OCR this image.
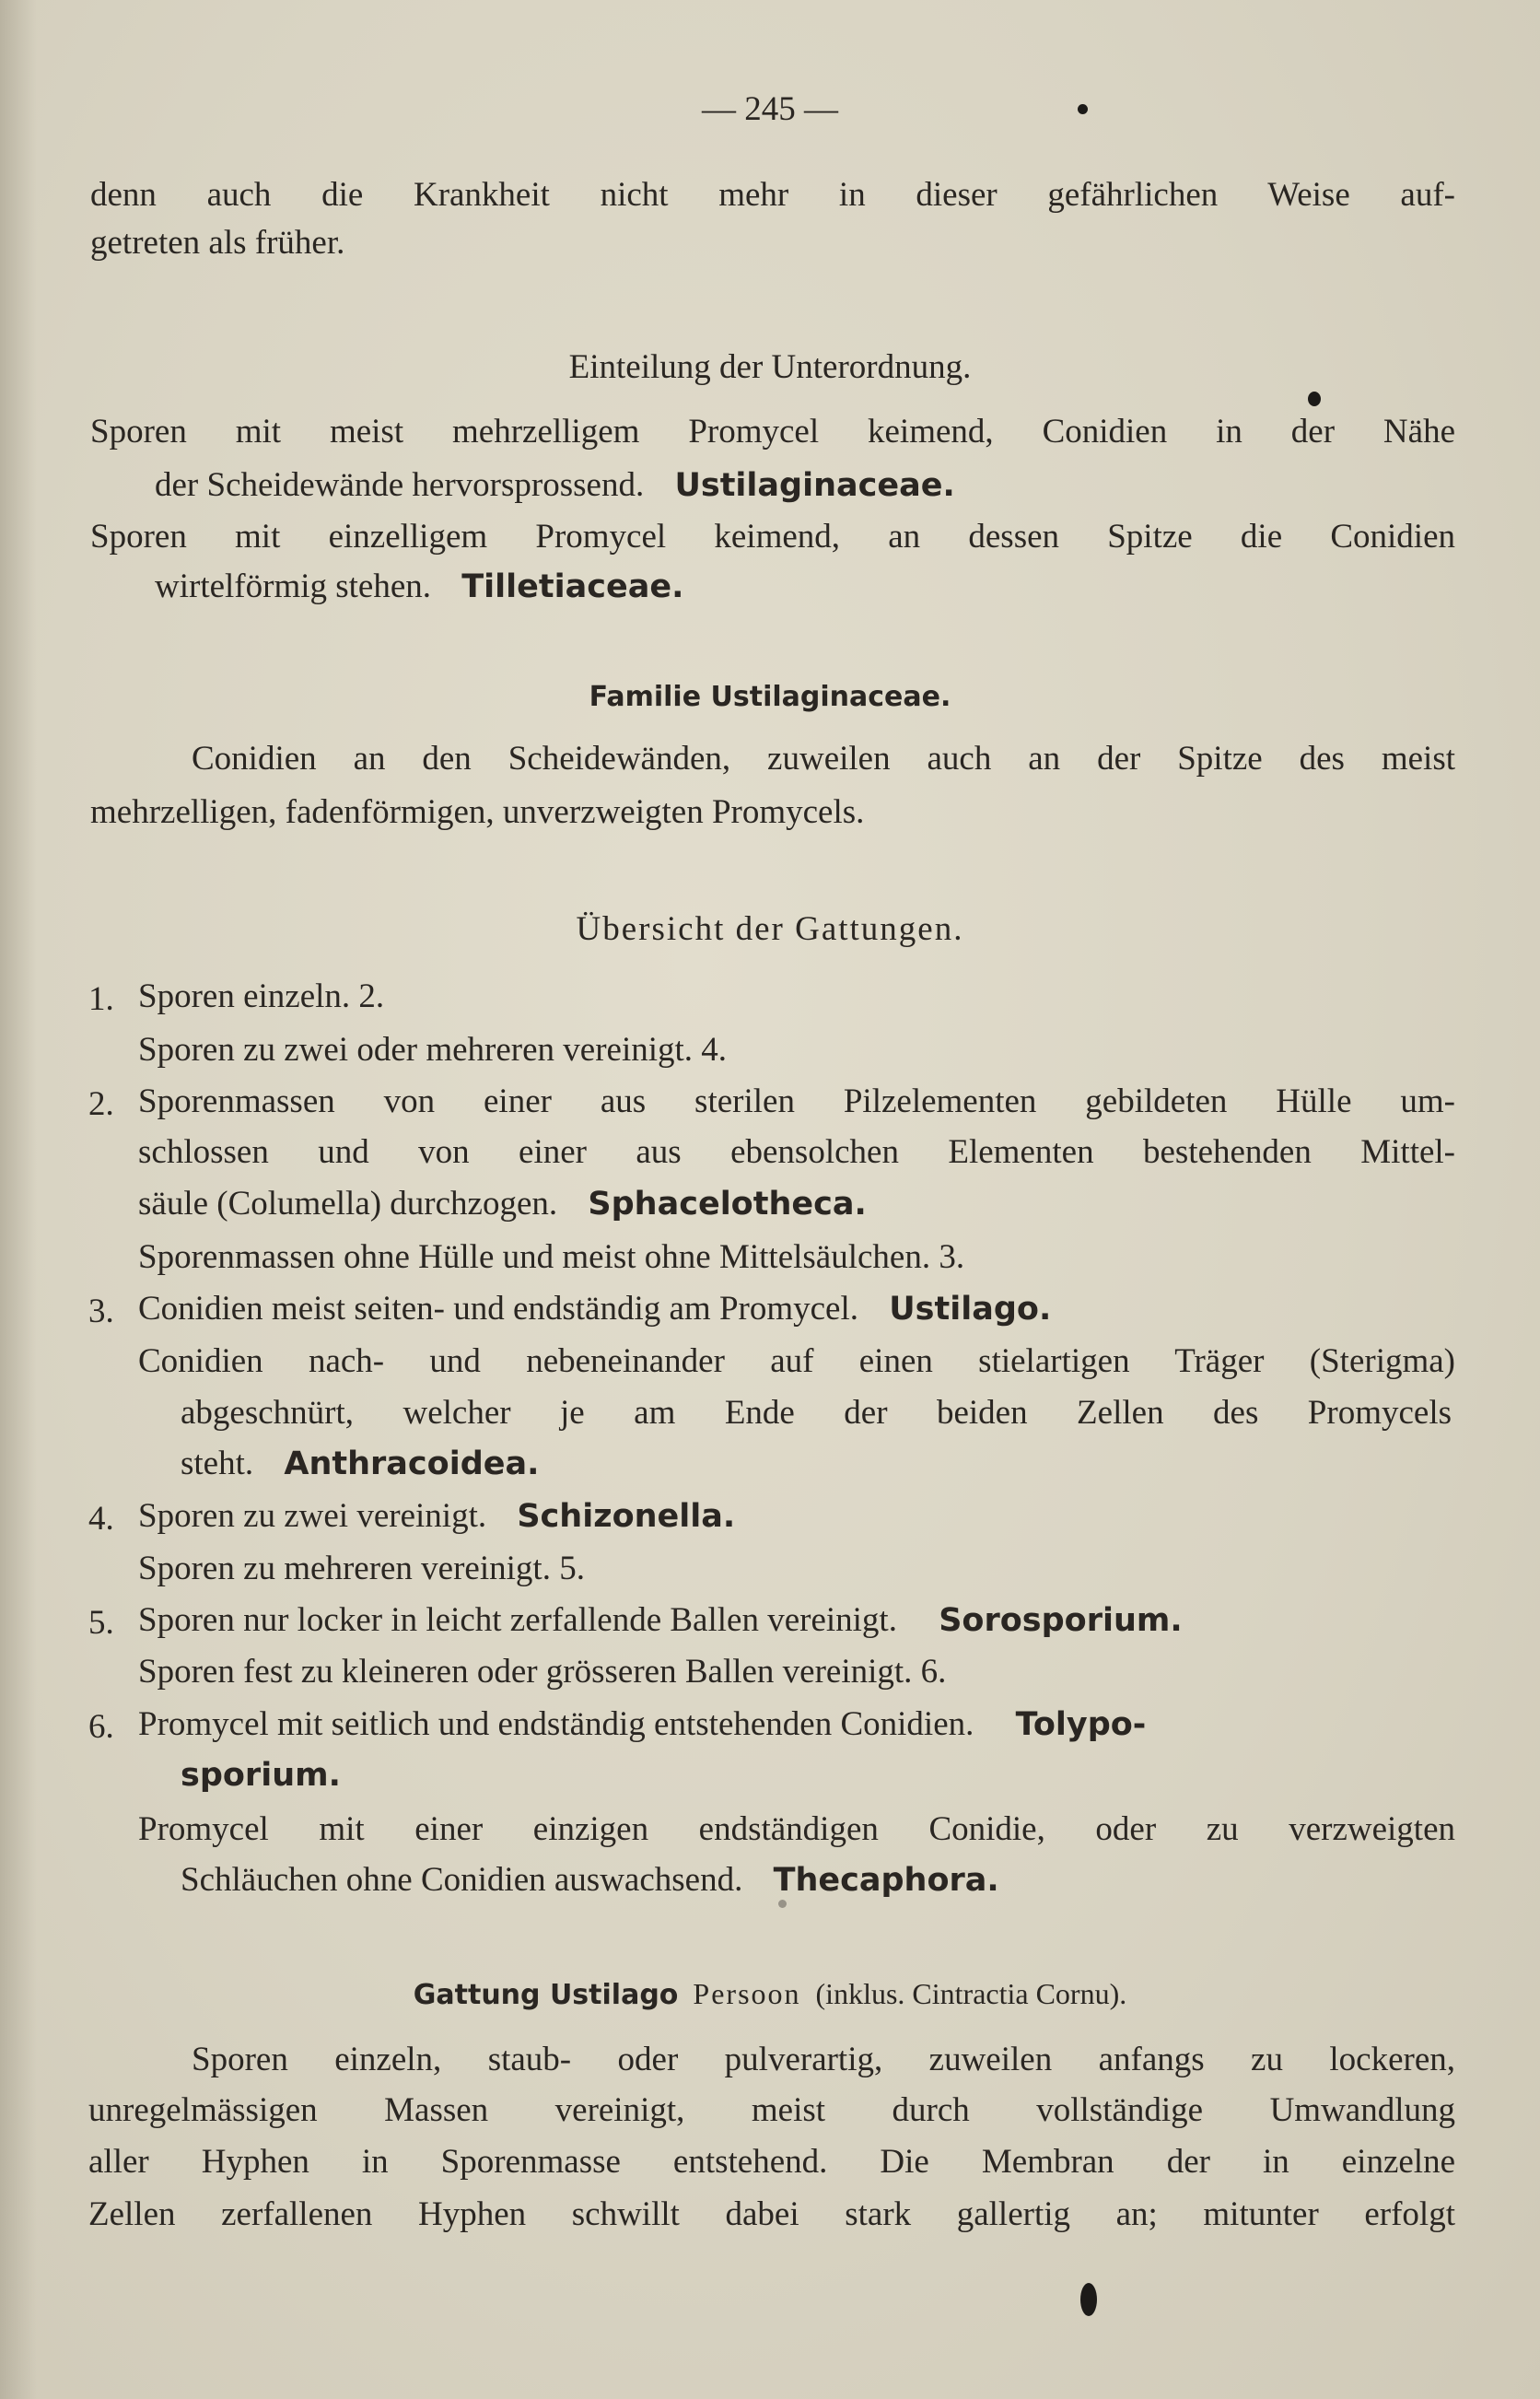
— 245 —
denn auch die Krankheit nicht mehr in dieser gefährlichen Weise auf-
getreten als früher.
Einteilung der Unterordnung.
Sporen mit meist mehrzelligem Promycel keimend, Conidien in der Nähe
der Scheidewände hervorsprossend. Ustilaginaceae.
Sporen mit einzelligem Promycel keimend, an dessen Spitze die Conidien
wirtelförmig stehen. Tilletiaceae.
Familie Ustilaginaceae.
Conidien an den Scheidewänden, zuweilen auch an der Spitze des meist
mehrzelligen, fadenförmigen, unverzweigten Promycels.
Übersicht der Gattungen.
1. Sporen einzeln. 2.
Sporen zu zwei oder mehreren vereinigt. 4.
2. Sporenmassen von einer aus sterilen Pilzelementen gebildeten Hülle um-
schlossen und von einer aus ebensolchen Elementen bestehenden Mittel-
säule (Columella) durchzogen. Sphacelotheca.
Sporenmassen ohne Hülle und meist ohne Mittelsäulchen. 3.
3. Conidien meist seiten- und endständig am Promycel. Ustilago.
Conidien nach- und nebeneinander auf einen stielartigen Träger (Sterigma)
abgeschnürt, welcher je am Ende der beiden Zellen des Promycels
steht. Anthracoidea.
4. Sporen zu zwei vereinigt. Schizonella.
Sporen zu mehreren vereinigt. 5.
5. Sporen nur locker in leicht zerfallende Ballen vereinigt. Sorosporium.
Sporen fest zu kleineren oder grösseren Ballen vereinigt. 6.
6. Promycel mit seitlich und endständig entstehenden Conidien. Tolypo-
sporium.
Promycel mit einer einzigen endständigen Conidie, oder zu verzweigten
Schläuchen ohne Conidien auswachsend. Thecaphora.
Gattung Ustilago Persoon (inklus. Cintractia Cornu).
Sporen einzeln, staub- oder pulverartig, zuweilen anfangs zu lockeren,
unregelmässigen Massen vereinigt, meist durch vollständige Umwandlung
aller Hyphen in Sporenmasse entstehend. Die Membran der in einzelne
Zellen zerfallenen Hyphen schwillt dabei stark gallertig an; mitunter erfolgt
